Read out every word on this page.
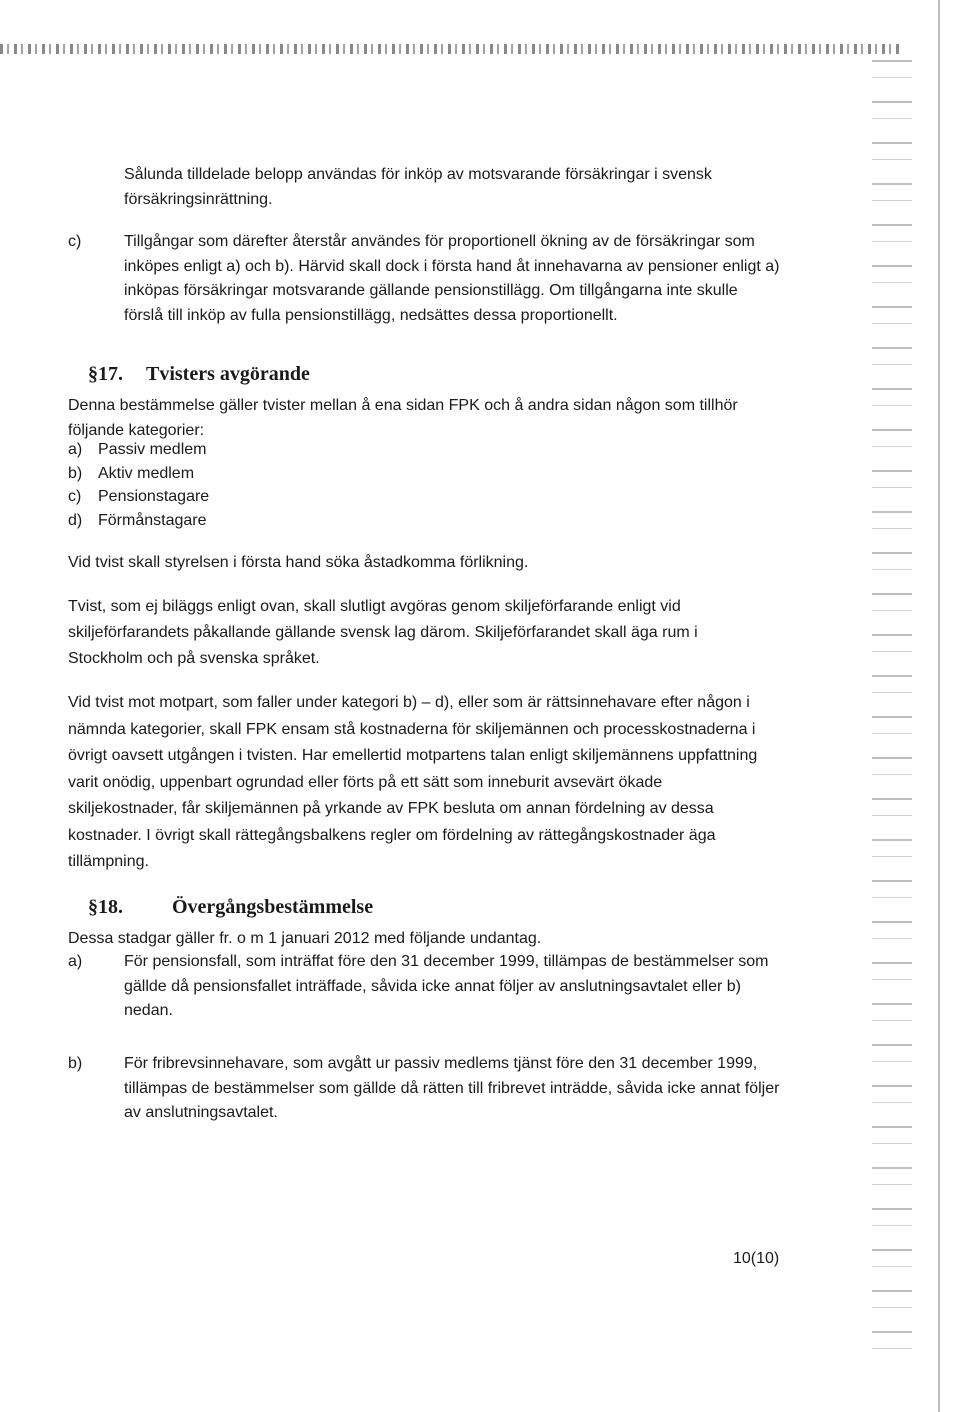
Sålunda tilldelade belopp användas för inköp av motsvarande försäkringar i svensk försäkringsinrättning.

c)	Tillgångar som därefter återstår användes för proportionell ökning av de försäkringar som inköpes enligt a) och b). Härvid skall dock i första hand åt innehavarna av pensioner enligt a) inköpas försäkringar motsvarande gällande pensionstillägg. Om tillgångarna inte skulle förslå till inköp av fulla pensionstillägg, nedsättes dessa proportionellt.
§17. Tvisters avgörande

Denna bestämmelse gäller tvister mellan å ena sidan FPK och å andra sidan någon som tillhör följande kategorier:

a) Passiv medlem
b) Aktiv medlem
c)	Pensionstagare
d) Förmånstagare

Vid tvist skall styrelsen i första hand söka åstadkomma förlikning.

Tvist, som ej biläggs enligt ovan, skall slutligt avgöras genom skiljeförfarande enligt vid skiljeförfarandets påkallande gällande svensk lag därom. Skiljeförfarandet skall äga rum i Stockholm och på svenska språket.

Vid tvist mot motpart, som faller under kategori b) – d), eller som är rättsinnehavare efter någon i nämnda kategorier, skall FPK ensam stå kostnaderna för skiljemännen och processkostnaderna i övrigt oavsett utgången i tvisten. Har emellertid motpartens talan enligt skiljemännens uppfattning varit onödig, uppenbart ogrundad eller förts på ett sätt som inneburit avsevärt ökade skiljekostnader, får skiljemännen på yrkande av FPK besluta om annan fördelning av dessa kostnader. I övrigt skall rättegångsbalkens regler om fördelning av rättegångskostnader äga tillämpning.

§18. Övergångsbestämmelse

Dessa stadgar gäller fr. o m 1 januari 2012 med följande undantag.

a)	För pensionsfall, som inträffat före den 31 december 1999, tillämpas de bestämmelser som gällde då pensionsfallet inträffade, såvida icke annat följer av anslutningsavtalet eller b) nedan.
b)	För fribrevsinnehavare, som avgått ur passiv medlems tjänst före den 31 december 1999, tillämpas de bestämmelser som gällde då rätten till fribrevet inträdde, såvida icke annat följer av anslutningsavtalet.
10(10)
